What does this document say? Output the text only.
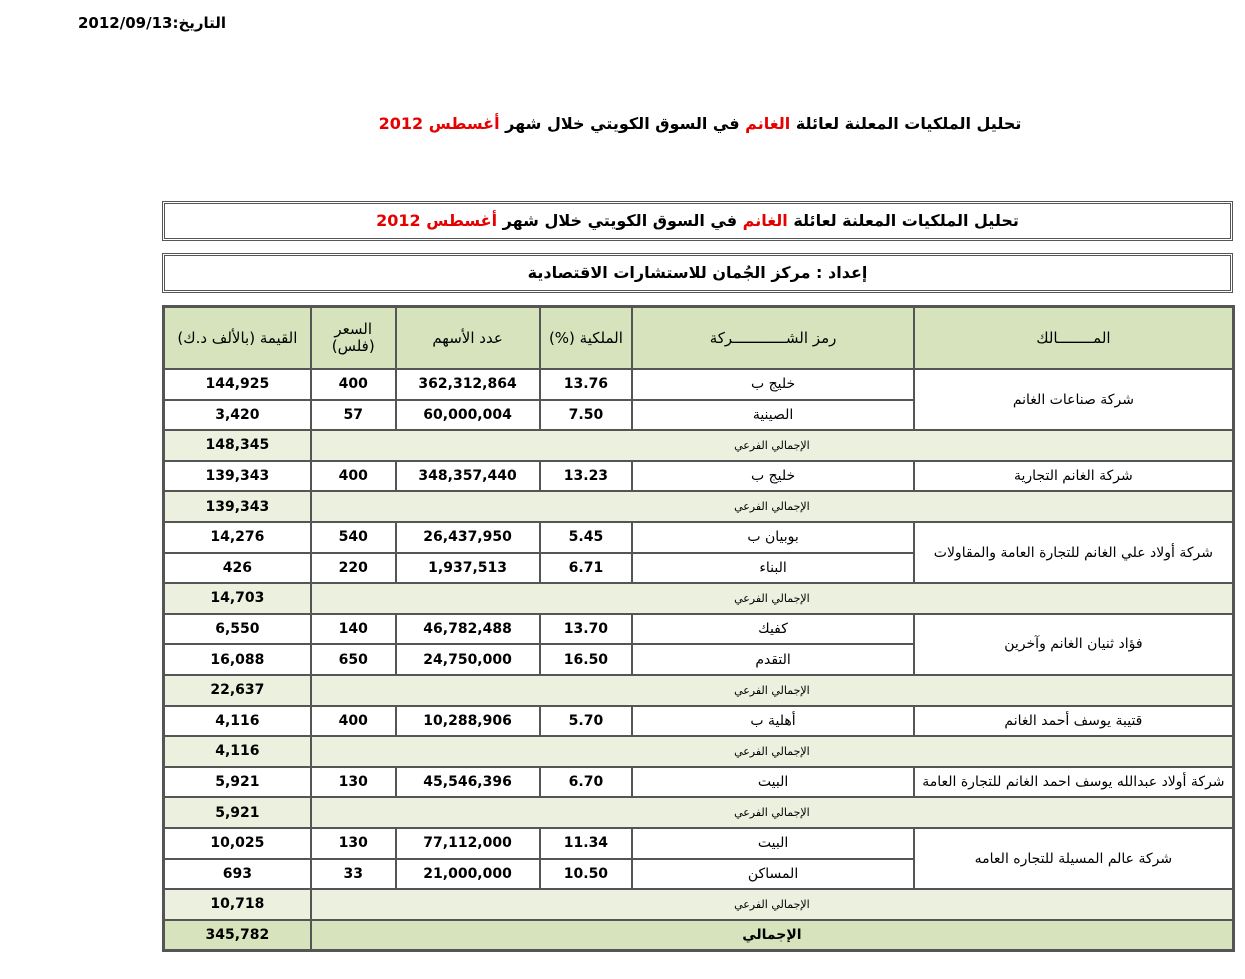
التاريخ:2012/09/13
تحليل الملكيات المعلنة لعائلة الغانم في السوق الكويتي خلال شهر أغسطس 2012
تحليل الملكيات المعلنة لعائلة الغانم في السوق الكويتي خلال شهر أغسطس 2012
إعداد : مركز الجُمان للاستشارات الاقتصادية
المــــــــالك	رمز الشــــــــــــركة	الملكية (%)	عدد الأسهم	السعر (فلس)	القيمة (بالألف د.ك)
شركة صناعات الغانم	خليج ب	13.76	362,312,864	400	144,925
	الصينية	7.50	60,000,004	57	3,420
الإجمالي الفرعي					148,345
شركة الغانم التجارية	خليج ب	13.23	348,357,440	400	139,343
الإجمالي الفرعي					139,343
شركة أولاد علي الغانم للتجارة العامة والمقاولات	بوبيان ب	5.45	26,437,950	540	14,276
	البناء	6.71	1,937,513	220	426
الإجمالي الفرعي					14,703
فؤاد ثنيان الغانم وآخرين	كفيك	13.70	46,782,488	140	6,550
	التقدم	16.50	24,750,000	650	16,088
الإجمالي الفرعي					22,637
قتيبة يوسف أحمد الغانم	أهلية ب	5.70	10,288,906	400	4,116
الإجمالي الفرعي					4,116
شركة أولاد عبدالله يوسف احمد الغانم للتجارة العامة	البيت	6.70	45,546,396	130	5,921
الإجمالي الفرعي					5,921
شركة عالم المسيلة للتجاره العامه	البيت	11.34	77,112,000	130	10,025
	المساكن	10.50	21,000,000	33	693
الإجمالي الفرعي					10,718
الإجمالي					345,782
